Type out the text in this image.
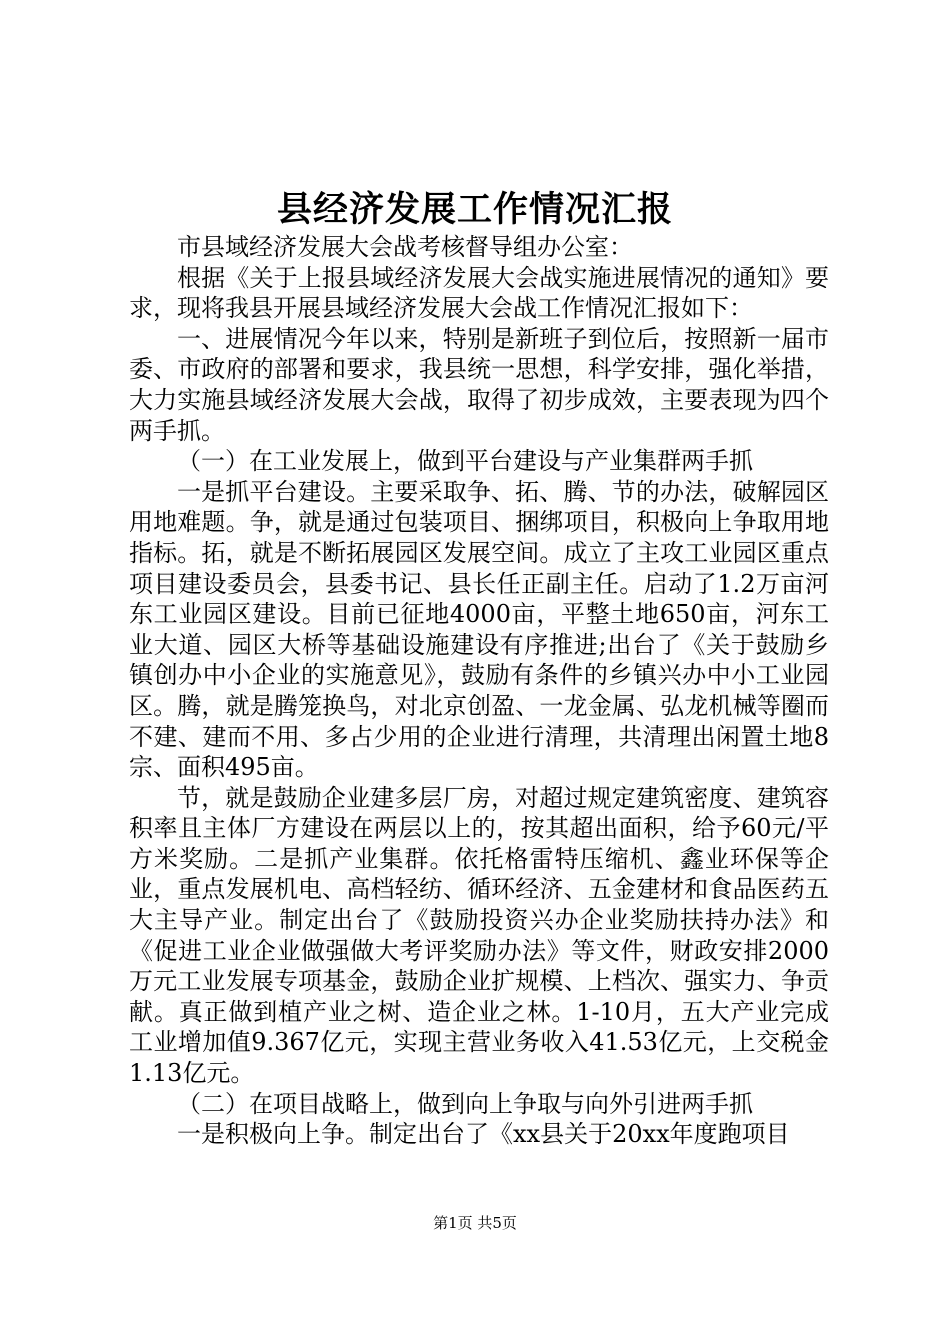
县经济发展工作情况汇报

市县域经济发展大会战考核督导组办公室：

根据《关于上报县域经济发展大会战实施进展情况的通知》要求，现将我县开展县域经济发展大会战工作情况汇报如下：

一、进展情况今年以来，特别是新班子到位后，按照新一届市委、市政府的部署和要求，我县统一思想，科学安排，强化举措，大力实施县域经济发展大会战，取得了初步成效，主要表现为四个两手抓。

（一）在工业发展上，做到平台建设与产业集群两手抓

一是抓平台建设。主要采取争、拓、腾、节的办法，破解园区用地难题。争，就是通过包装项目、捆绑项目，积极向上争取用地指标。拓，就是不断拓展园区发展空间。成立了主攻工业园区重点项目建设委员会，县委书记、县长任正副主任。启动了1.2万亩河东工业园区建设。目前已征地4000亩，平整土地650亩，河东工业大道、园区大桥等基础设施建设有序推进;出台了《关于鼓励乡镇创办中小企业的实施意见》，鼓励有条件的乡镇兴办中小工业园区。腾，就是腾笼换鸟，对北京创盈、一龙金属、弘龙机械等圈而不建、建而不用、多占少用的企业进行清理，共清理出闲置土地8宗、面积495亩。

节，就是鼓励企业建多层厂房，对超过规定建筑密度、建筑容积率且主体厂方建设在两层以上的，按其超出面积，给予60元/平方米奖励。二是抓产业集群。依托格雷特压缩机、鑫业环保等企业，重点发展机电、高档轻纺、循环经济、五金建材和食品医药五大主导产业。制定出台了《鼓励投资兴办企业奖励扶持办法》和《促进工业企业做强做大考评奖励办法》等文件，财政安排2000万元工业发展专项基金，鼓励企业扩规模、上档次、强实力、争贡献。真正做到植产业之树、造企业之林。1-10月，五大产业完成工业增加值9.367亿元，实现主营业务收入41.53亿元，上交税金1.13亿元。

（二）在项目战略上，做到向上争取与向外引进两手抓

一是积极向上争。制定出台了《xx县关于20xx年度跑项目

第1页 共5页
